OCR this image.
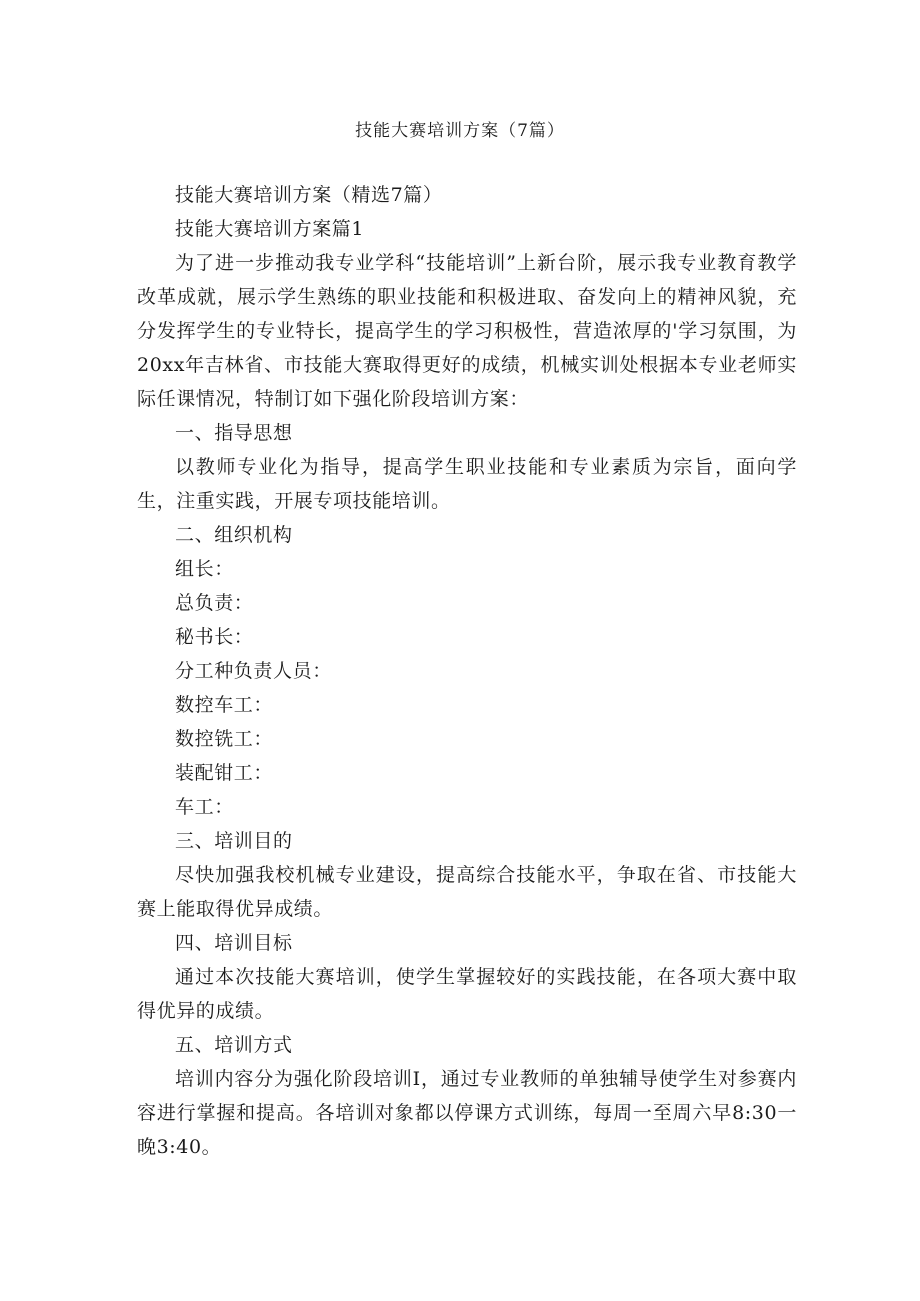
技能大赛培训方案（7篇）

技能大赛培训方案（精选7篇）

技能大赛培训方案篇1

为了进一步推动我专业学科“技能培训”上新台阶，展示我专业教育教学改革成就，展示学生熟练的职业技能和积极进取、奋发向上的精神风貌，充分发挥学生的专业特长，提高学生的学习积极性，营造浓厚的'学习氛围，为20xx年吉林省、市技能大赛取得更好的成绩，机械实训处根据本专业老师实际任课情况，特制订如下强化阶段培训方案：

一、指导思想

以教师专业化为指导，提高学生职业技能和专业素质为宗旨，面向学生，注重实践，开展专项技能培训。

二、组织机构

组长：

总负责：

秘书长：

分工种负责人员：

数控车工：

数控铣工：

装配钳工：

车工：

三、培训目的

尽快加强我校机械专业建设，提高综合技能水平，争取在省、市技能大赛上能取得优异成绩。

四、培训目标

通过本次技能大赛培训，使学生掌握较好的实践技能，在各项大赛中取得优异的成绩。

五、培训方式

培训内容分为强化阶段培训I，通过专业教师的单独辅导使学生对参赛内容进行掌握和提高。各培训对象都以停课方式训练，每周一至周六早8:30一晚3:40。
